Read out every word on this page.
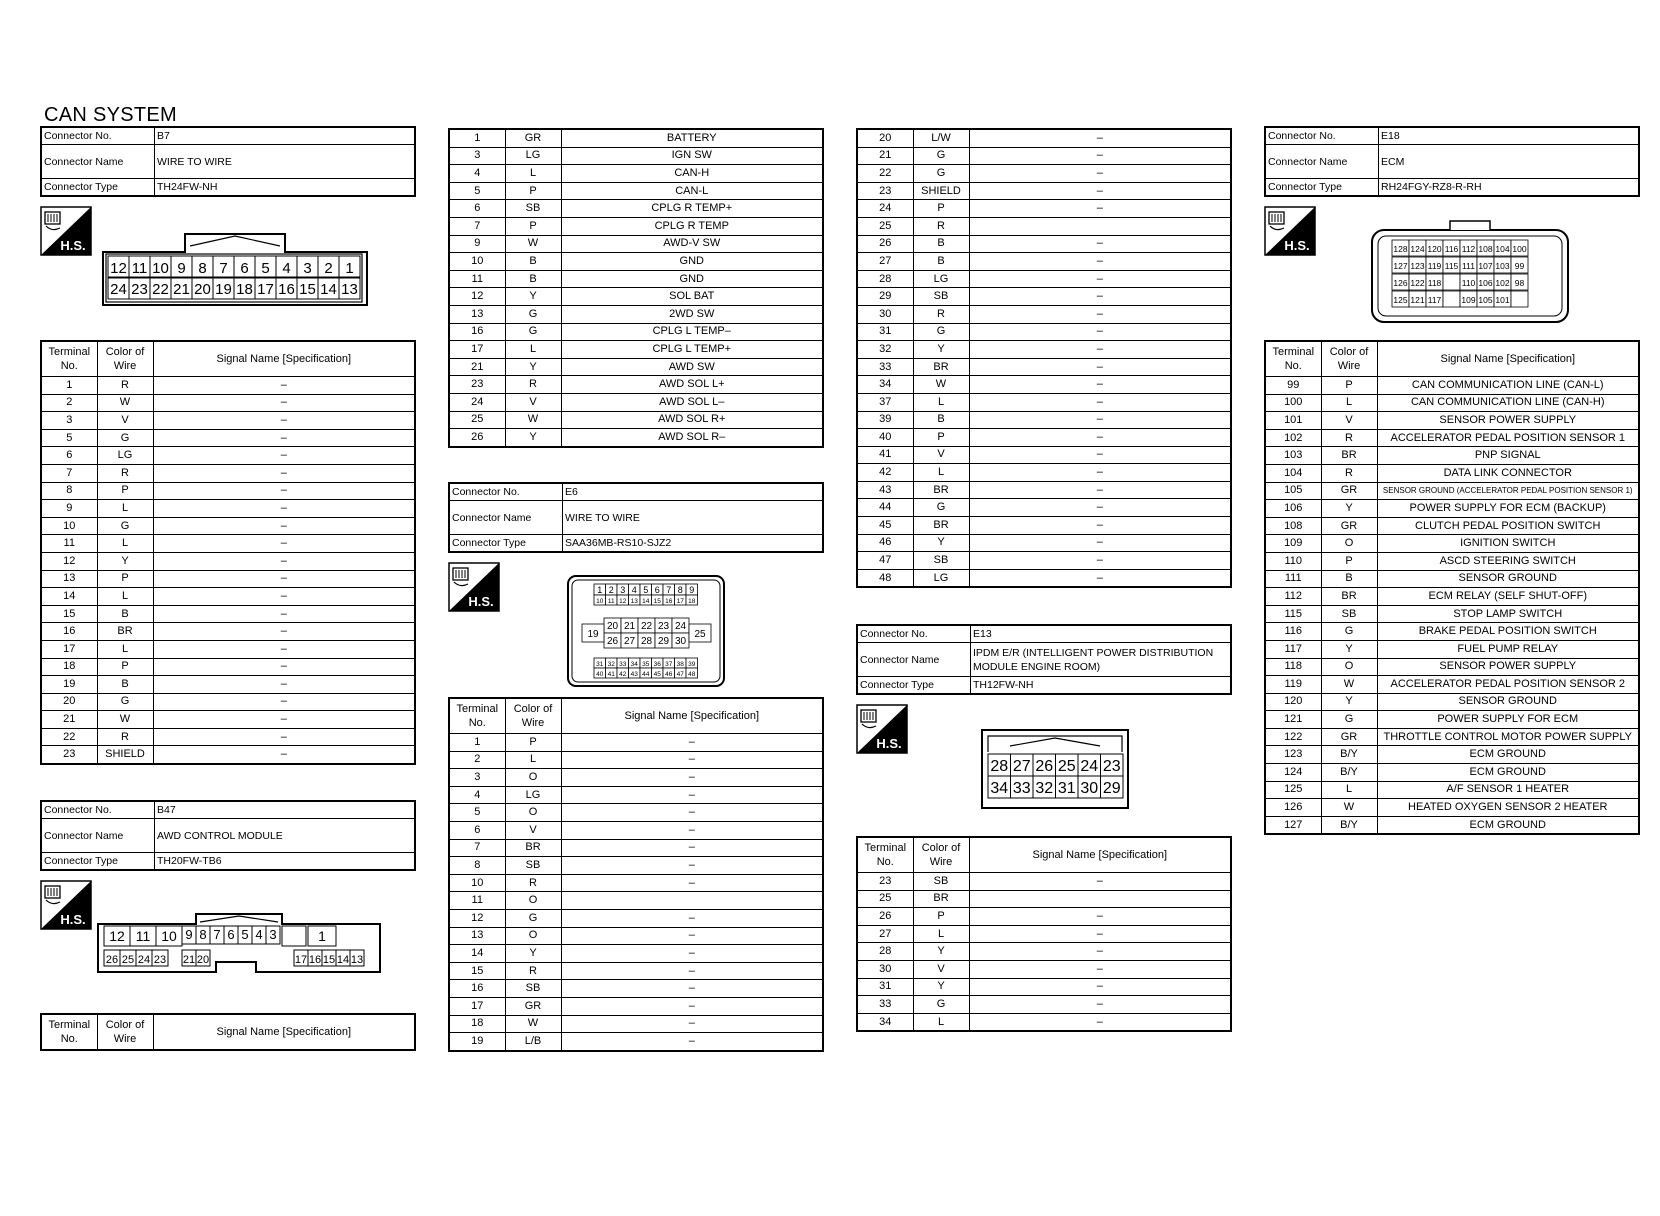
CAN SYSTEM
Connector No.	B7
Connector Name	WIRE TO WIRE
Connector Type	TH24FW-NH
H.S.
12 11 10 9 8 7 6 5 4 3 2 1
24 23 22 21 20 19 18 17 16 15 14 13
Terminal No.	Color of Wire	Signal Name [Specification]
1	R	–
2	W	–
3	V	–
5	G	–
6	LG	–
7	R	–
8	P	–
9	L	–
10	G	–
11	L	–
12	Y	–
13	P	–
14	L	–
15	B	–
16	BR	–
17	L	–
18	P	–
19	B	–
20	G	–
21	W	–
22	R	–
23	SHIELD	–
Connector No.	B47
Connector Name	AWD CONTROL MODULE
Connector Type	TH20FW-TB6
H.S.
12 11 10 9 8 7 6 5 4 3	1
26 25 24 23 21 20	17 16 15 14 13
Terminal No.	Color of Wire	Signal Name [Specification]
1	GR	BATTERY
3	LG	IGN SW
4	L	CAN-H
5	P	CAN-L
6	SB	CPLG R TEMP+
7	P	CPLG R TEMP
9	W	AWD-V SW
10	B	GND
11	B	GND
12	Y	SOL BAT
13	G	2WD SW
16	G	CPLG L TEMP–
17	L	CPLG L TEMP+
21	Y	AWD SW
23	R	AWD SOL L+
24	V	AWD SOL L–
25	W	AWD SOL R+
26	Y	AWD SOL R–
Connector No.	E6
Connector Name	WIRE TO WIRE
Connector Type	SAA36MB-RS10-SJZ2
H.S.
1 2 3 4 5 6 7 8 9
10 11 12 13 14 15 16 17 18
20 21 22 23 24
26 27 28 29 30
19	25
31 32 33 34 35 36 37 38 39
40 41 42 43 44 45 46 47 48
Terminal No.	Color of Wire	Signal Name [Specification]
1	P	–
2	L	–
3	O	–
4	LG	–
5	O	–
6	V	–
7	BR	–
8	SB	–
10	R	–
11	O	
12	G	–
13	O	–
14	Y	–
15	R	–
16	SB	–
17	GR	–
18	W	–
19	L/B	–
20	L/W	–
21	G	–
22	G	–
23	SHIELD	–
24	P	–
25	R	
26	B	–
27	B	–
28	LG	–
29	SB	–
30	R	–
31	G	–
32	Y	–
33	BR	–
34	W	–
37	L	–
39	B	–
40	P	–
41	V	–
42	L	–
43	BR	–
44	G	–
45	BR	–
46	Y	–
47	SB	–
48	LG	–
Connector No.	E13
Connector Name	IPDM E/R (INTELLIGENT POWER DISTRIBUTION MODULE ENGINE ROOM)
Connector Type	TH12FW-NH
H.S.
28 27 26 25 24 23
34 33 32 31 30 29
Terminal No.	Color of Wire	Signal Name [Specification]
23	SB	–
25	BR	
26	P	–
27	L	–
28	Y	–
30	V	–
31	Y	–
33	G	–
34	L	–
Connector No.	E18
Connector Name	ECM
Connector Type	RH24FGY-RZ8-R-RH
H.S.	128 124 120 116 112 108 104 100
127 123 119 115 111 107 103 99
126 122 118 110 106 102 98
125 121 117 109 105 101
Terminal No.	Color of Wire	Signal Name [Specification]
99	P	CAN COMMUNICATION LINE (CAN-L)
100	L	CAN COMMUNICATION LINE (CAN-H)
101	V	SENSOR POWER SUPPLY
102	R	ACCELERATOR PEDAL POSITION SENSOR 1
103	BR	PNP SIGNAL
104	R	DATA LINK CONNECTOR
105	GR	SENSOR GROUND (ACCELERATOR PEDAL POSITION SENSOR 1)
106	Y	POWER SUPPLY FOR ECM (BACKUP)
108	GR	CLUTCH PEDAL POSITION SWITCH
109	O	IGNITION SWITCH
110	P	ASCD STEERING SWITCH
111	B	SENSOR GROUND
112	BR	ECM RELAY (SELF SHUT-OFF)
115	SB	STOP LAMP SWITCH
116	G	BRAKE PEDAL POSITION SWITCH
117	Y	FUEL PUMP RELAY
118	O	SENSOR POWER SUPPLY
119	W	ACCELERATOR PEDAL POSITION SENSOR 2
120	Y	SENSOR GROUND
121	G	POWER SUPPLY FOR ECM
122	GR	THROTTLE CONTROL MOTOR POWER SUPPLY
123	B/Y	ECM GROUND
124	B/Y	ECM GROUND
125	L	A/F SENSOR 1 HEATER
126	W	HEATED OXYGEN SENSOR 2 HEATER
127	B/Y	ECM GROUND
